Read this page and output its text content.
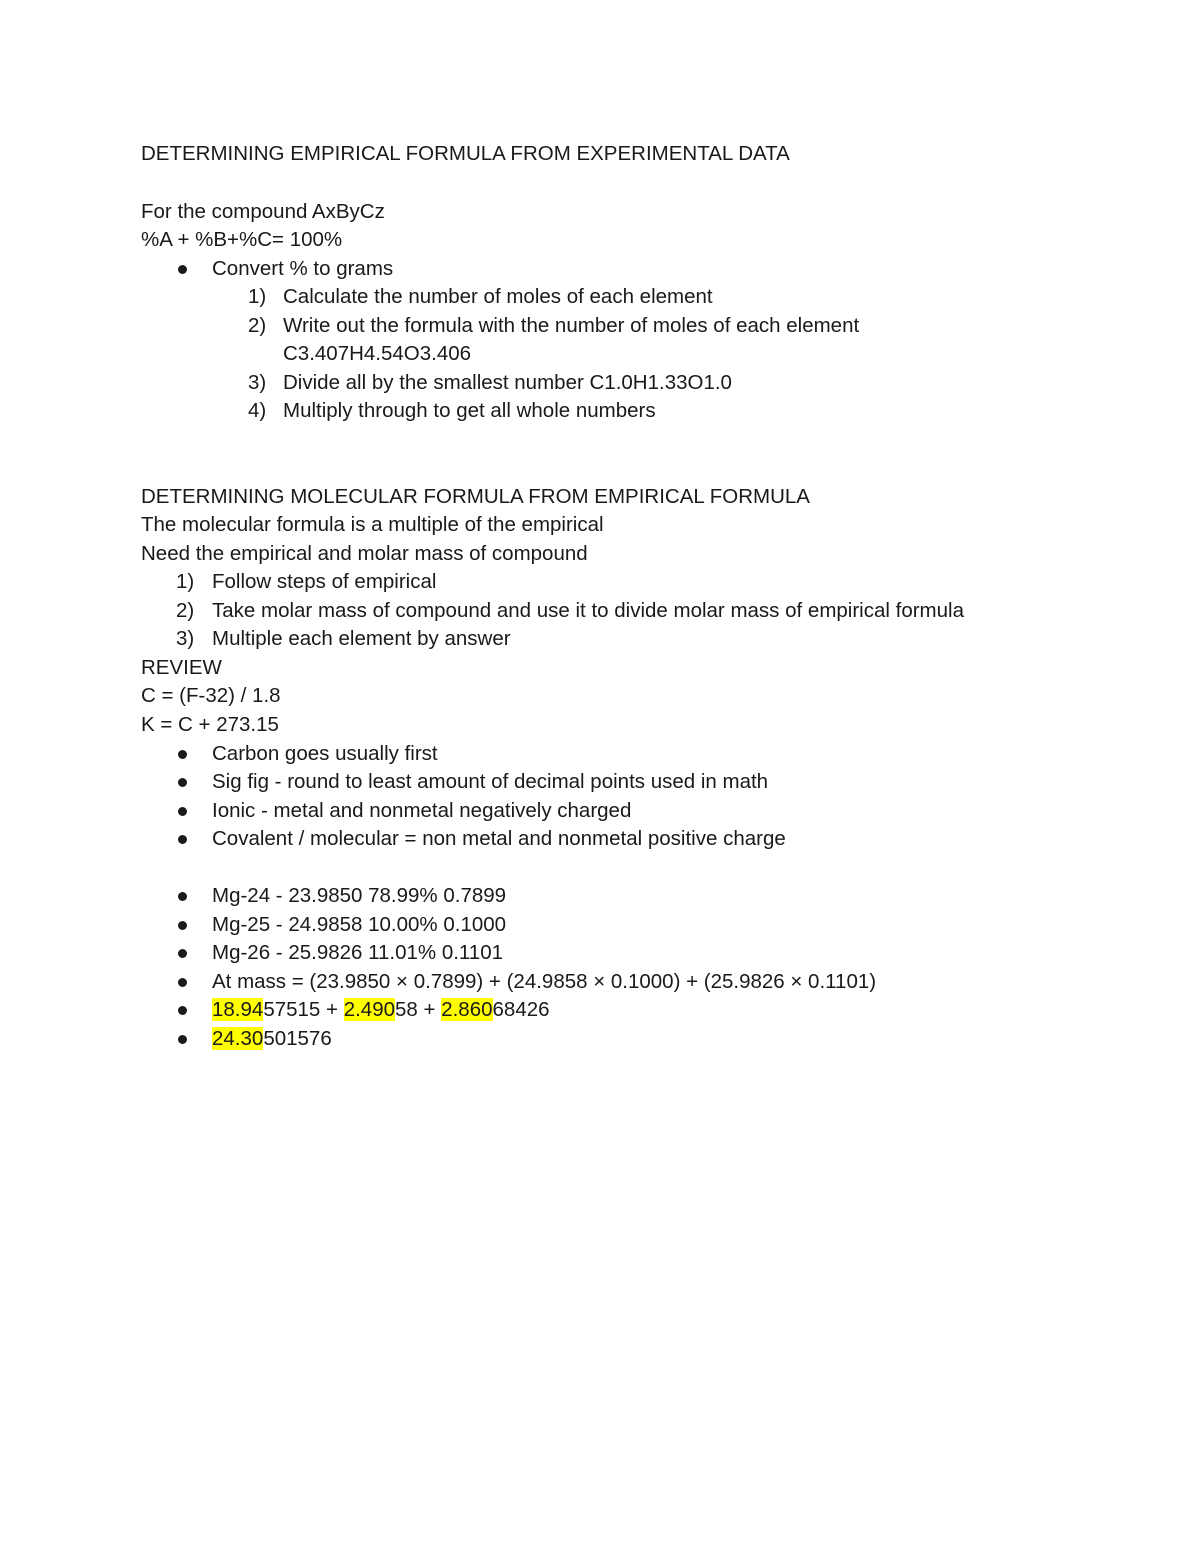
DETERMINING EMPIRICAL FORMULA FROM EXPERIMENTAL DATA
For the compound AxByCz
%A + %B+%C= 100%
Convert % to grams
1) Calculate the number of moles of each element
2) Write out the formula with the number of moles of each element
C3.407H4.54O3.406
3) Divide all by the smallest number C1.0H1.33O1.0
4) Multiply through to get all whole numbers
DETERMINING MOLECULAR FORMULA FROM EMPIRICAL FORMULA
The molecular formula is a multiple of the empirical
Need the empirical and molar mass of compound
1) Follow steps of empirical
2) Take molar mass of compound and use it to divide molar mass of empirical formula
3) Multiple each element by answer
REVIEW
C = (F-32) / 1.8
K = C + 273.15
Carbon goes usually first
Sig fig - round to least amount of decimal points used in math
Ionic - metal and nonmetal negatively charged
Covalent / molecular = non metal and nonmetal positive charge
Mg-24 - 23.9850 78.99% 0.7899
Mg-25 - 24.9858 10.00% 0.1000
Mg-26 - 25.9826 11.01% 0.1101
At mass = (23.9850 × 0.7899) + (24.9858 × 0.1000) + (25.9826 × 0.1101)
18.9457515 + 2.49058 + 2.86068426
24.30501576
